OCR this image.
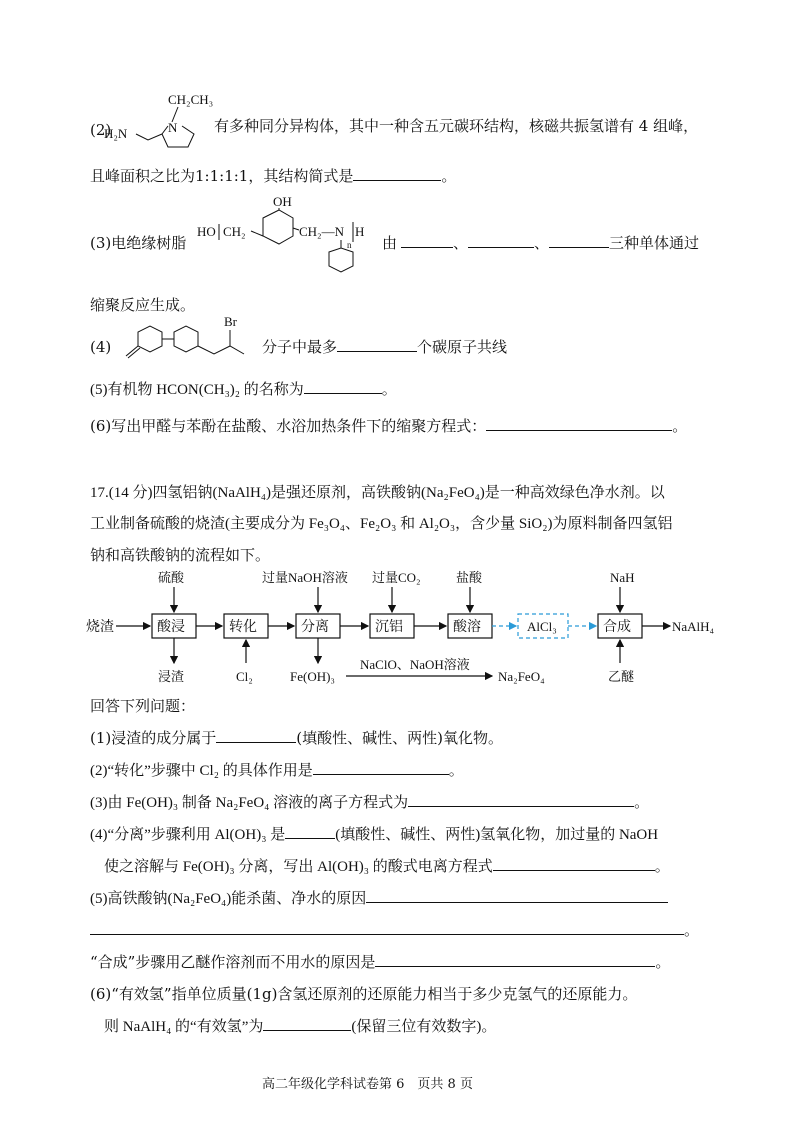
(2)
CH₂CH₃
N
H₂N	有多种同分异构体，其中一种含五元碳环结构，核磁共振氢谱有 4 组峰，
且峰面积之比为1:1:1:1，其结构简式是	。
(3)电绝缘树脂
HO CH₂
OH
CH₂—N
n
H
由	、	、	三种单体通过
缩聚反应生成。
(4)
Br
分子中最多	个碳原子共线
(5)有机物 HCON(CH₃)₂ 的名称为	。
(6)写出甲醛与苯酚在盐酸、水浴加热条件下的缩聚方程式：	。
17.(14 分)四氢铝钠(NaAlH₄)是强还原剂，高铁酸钠(Na₂FeO₄)是一种高效绿色净水剂。以
工业制备硫酸的烧渣(主要成分为 Fe₃O₄、Fe₂O₃ 和 Al₂O₃，含少量 SiO₂)为原料制备四氢铝
钠和高铁酸钠的流程如下。
烧渣	酸浸	转化	分离	沉铝	酸溶	AlCl₃	合成	NaAlH₄
硫酸	过量NaOH溶液 过量CO₂	盐酸	NaH
浸渣	Cl₂	Fe(OH)₃
NaClO、NaOH溶液
Na₂FeO₄	乙醚
回答下列问题：
(1)浸渣的成分属于	(填酸性、碱性、两性)氧化物。
(2)“转化”步骤中 Cl₂ 的具体作用是	。
(3)由 Fe(OH)₃ 制备 Na₂FeO₄ 溶液的离子方程式为	。
(4)“分离”步骤利用 Al(OH)₃ 是	(填酸性、碱性、两性)氢氧化物，加过量的 NaOH
使之溶解与 Fe(OH)₃ 分离，写出 Al(OH)₃ 的酸式电离方程式	。
(5)高铁酸钠(Na₂FeO₄)能杀菌、净水的原因
。
“合成”步骤用乙醚作溶剂而不用水的原因是	。
(6)“有效氢”指单位质量(1g)含氢还原剂的还原能力相当于多少克氢气的还原能力。
则 NaAlH₄ 的“有效氢”为	(保留三位有效数字)。
高二年级化学科试卷第 6　页共 8 页
